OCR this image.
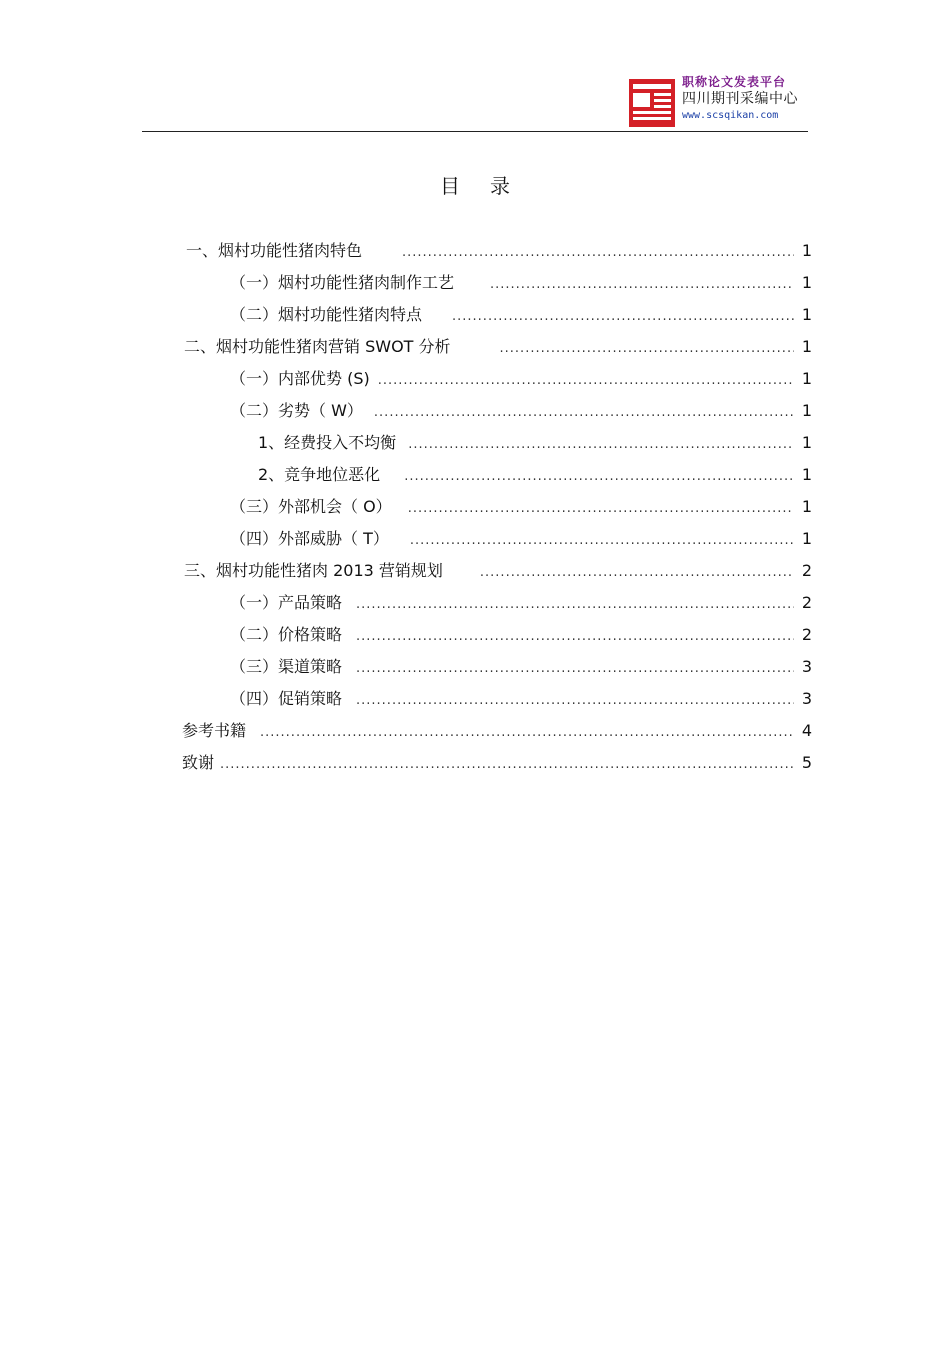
职称论文发表平台
四川期刊采编中心
www.scsqikan.com
目录
一、烟村功能性猪肉特色 .....	1
（一）烟村功能性猪肉制作工艺 .....	1
（二）烟村功能性猪肉特点 .....	1
二、烟村功能性猪肉营销 SWOT 分析 .....	1
（一）内部优势 (S) .....	1
（二）劣势（ W） .....	1
1、经费投入不均衡 .....	1
2、竞争地位恶化 .....	1
（三）外部机会（ O） .....	1
（四）外部威胁（ T） .....	1
三、烟村功能性猪肉 2013 营销规划 .....	2
（一）产品策略 .....	2
（二）价格策略 .....	2
（三）渠道策略 .....	3
（四）促销策略 .....	3
参考书籍 .....	4
致谢 .....	5
